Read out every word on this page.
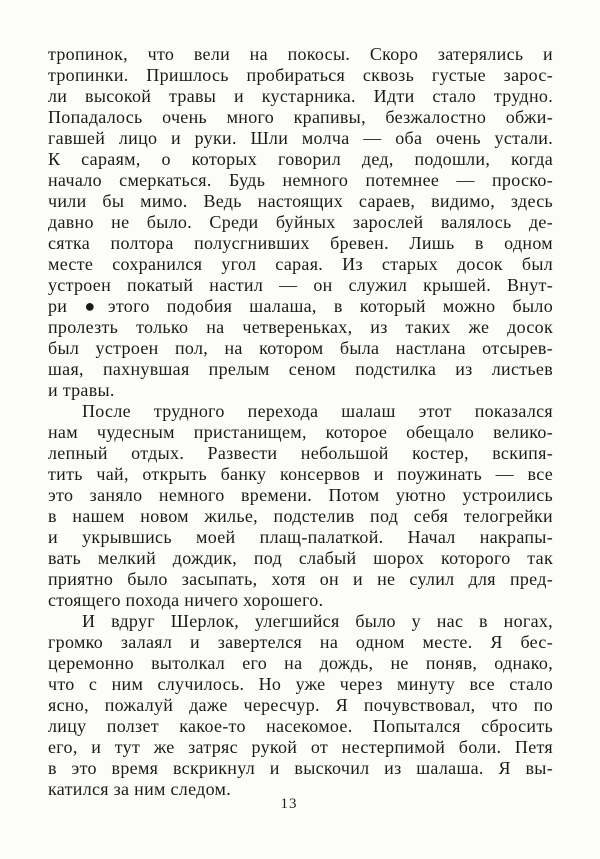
тропинок, что вели на покосы. Скоро затерялись и
тропинки. Пришлось пробираться сквозь густые зарос-
ли высокой травы и кустарника. Идти стало трудно.
Попадалось очень много крапивы, безжалостно обжи-
гавшей лицо и руки. Шли молча — оба очень устали.
К сараям, о которых говорил дед, подошли, когда
начало смеркаться. Будь немного потемнее — проско-
чили бы мимо. Ведь настоящих сараев, видимо, здесь
давно не было. Среди буйных зарослей валялось де-
сятка полтора полусгнивших бревен. Лишь в одном
месте сохранился угол сарая. Из старых досок был
устроен покатый настил — он служил крышей. Внут-
ри ●этого подобия шалаша, в который можно было
пролезть только на четвереньках, из таких же досок
был устроен пол, на котором была настлана отсырев-
шая, пахнувшая прелым сеном подстилка из листьев
и травы.
После трудного перехода шалаш этот показался
нам чудесным пристанищем, которое обещало велико-
лепный отдых. Развести небольшой костер, вскипя-
тить чай, открыть банку консервов и поужинать — все
это заняло немного времени. Потом уютно устроились
в нашем новом жилье, подстелив под себя телогрейки
и укрывшись моей плащ-палаткой. Начал накрапы-
вать мелкий дождик, под слабый шорох которого так
приятно было засыпать, хотя он и не сулил для пред-
стоящего похода ничего хорошего.
И вдруг Шерлок, улегшийся было у нас в ногах,
громко залаял и завертелся на одном месте. Я бес-
церемонно вытолкал его на дождь, не поняв, однако,
что с ним случилось. Но уже через минуту все стало
ясно, пожалуй даже чересчур. Я почувствовал, что по
лицу ползет какое-то насекомое. Попытался сбросить
его, и тут же затряс рукой от нестерпимой боли. Петя
в это время вскрикнул и выскочил из шалаша. Я вы-
катился за ним следом.
13
